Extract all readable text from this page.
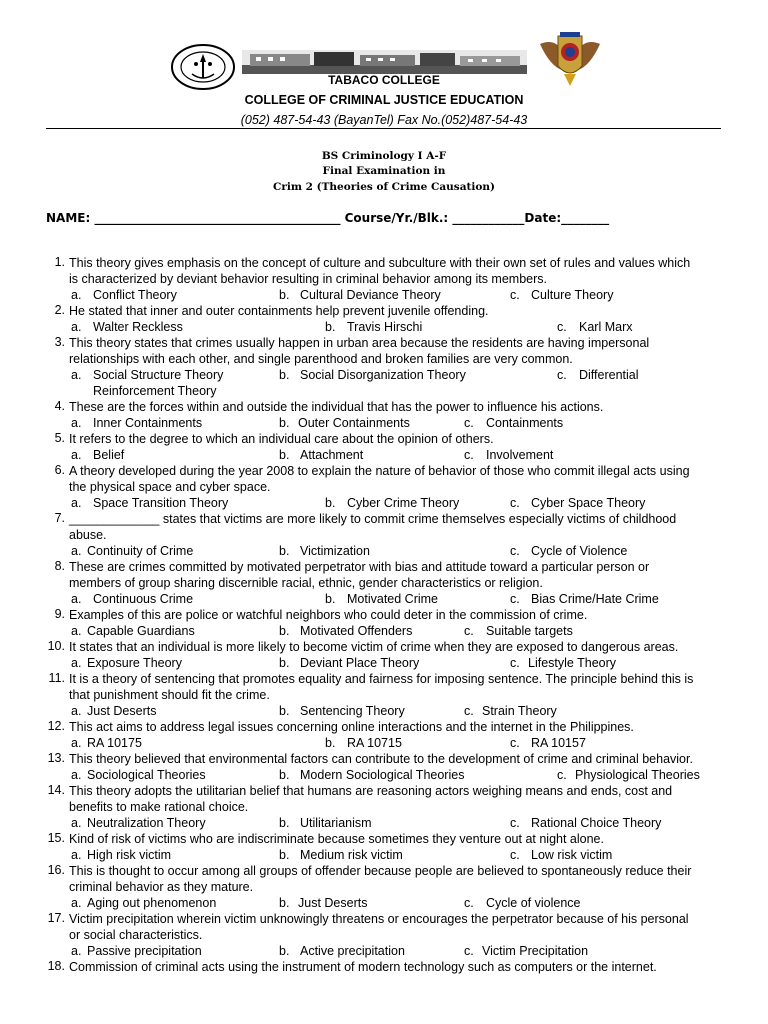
TABACO COLLEGE
COLLEGE OF CRIMINAL JUSTICE EDUCATION
(052) 487-54-43 (BayanTel) Fax No.(052)487-54-43
BS Criminology I A-F
Final Examination in
Crim 2 (Theories of Crime Causation)
NAME: _________________________________________ Course/Yr./Blk.: ____________Date:________
1. This theory gives emphasis on the concept of culture and subculture with their own set of rules and values which
is characterized by deviant behavior resulting in criminal behavior among its members.
a. Conflict Theory	b. Cultural Deviance Theory	c. Culture Theory
2. He stated that inner and outer containments help prevent juvenile offending.
a. Walter Reckless	b. Travis Hirschi	c. Karl Marx
3. This theory states that crimes usually happen in urban area because the residents are having impersonal
relationships with each other, and single parenthood and broken families are very common.
a. Social Structure Theory	b. Social Disorganization Theory	c. Differential
Reinforcement Theory
4. These are the forces within and outside the individual that has the power to influence his actions.
a. Inner Containments	b. Outer Containments	c. Containments
5. It refers to the degree to which an individual care about the opinion of others.
a. Belief	b. Attachment	c. Involvement
6. A theory developed during the year 2008 to explain the nature of behavior of those who commit illegal acts using
the physical space and cyber space.
a. Space Transition Theory	b. Cyber Crime Theory	c. Cyber Space Theory
7. _____________ states that victims are more likely to commit crime themselves especially victims of childhood
abuse.
a. Continuity of Crime	b. Victimization	c. Cycle of Violence
8. These are crimes committed by motivated perpetrator with bias and attitude toward a particular person or
members of group sharing discernible racial, ethnic, gender characteristics or religion.
a. Continuous Crime	b. Motivated Crime	c. Bias Crime/Hate Crime
9. Examples of this are police or watchful neighbors who could deter in the commission of crime.
a. Capable Guardians	b. Motivated Offenders	c. Suitable targets
10. It states that an individual is more likely to become victim of crime when they are exposed to dangerous areas.
a. Exposure Theory	b. Deviant Place Theory	c. Lifestyle Theory
11. It is a theory of sentencing that promotes equality and fairness for imposing sentence. The principle behind this is
that punishment should fit the crime.
a. Just Deserts	b. Sentencing Theory	c. Strain Theory
12. This act aims to address legal issues concerning online interactions and the internet in the Philippines.
a. RA 10175	b. RA 10715	c. RA 10157
13. This theory believed that environmental factors can contribute to the development of crime and criminal behavior.
a. Sociological Theories	b. Modern Sociological Theories	c. Physiological Theories
14. This theory adopts the utilitarian belief that humans are reasoning actors weighing means and ends, cost and
benefits to make rational choice.
a. Neutralization Theory	b. Utilitarianism	c. Rational Choice Theory
15. Kind of risk of victims who are indiscriminate because sometimes they venture out at night alone.
a. High risk victim	b. Medium risk victim	c. Low risk victim
16. This is thought to occur among all groups of offender because people are believed to spontaneously reduce their
criminal behavior as they mature.
a. Aging out phenomenon	b. Just Deserts	c. Cycle of violence
17. Victim precipitation wherein victim unknowingly threatens or encourages the perpetrator because of his personal
or social characteristics.
a. Passive precipitation	b. Active precipitation	c. Victim Precipitation
18. Commission of criminal acts using the instrument of modern technology such as computers or the internet.
